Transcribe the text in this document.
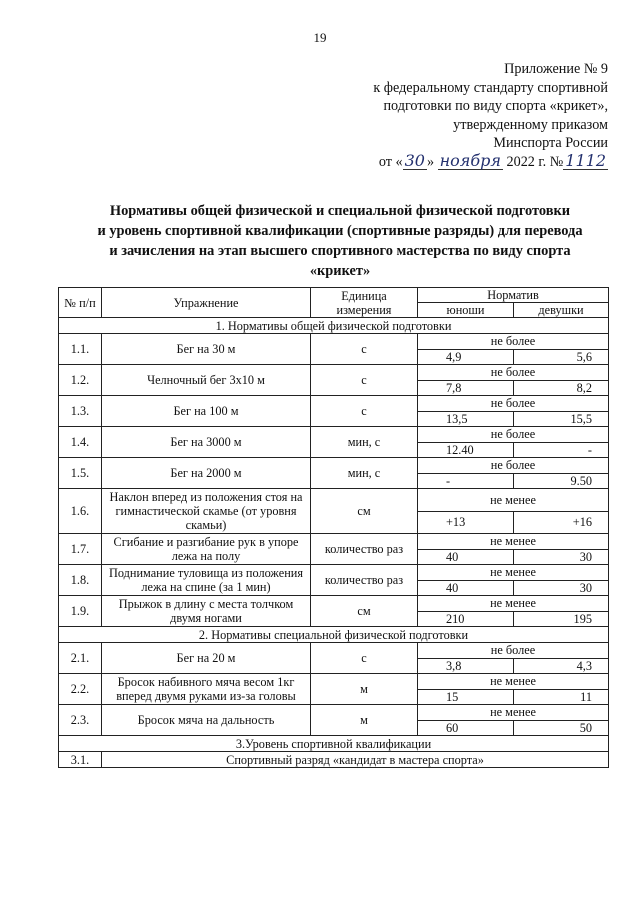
19
Приложение № 9
к федеральному стандарту спортивной
подготовки по виду спорта «крикет»,
утвержденному приказом
Минспорта России
от « 30 » ноября 2022 г. № 1112
Нормативы общей физической и специальной физической подготовки
и уровень спортивной квалификации (спортивные разряды) для перевода
и зачисления на этап высшего спортивного мастерства по виду спорта
«крикет»
№ п/п	Упражнение	Единица измерения	Норматив	
			юноши	девушки
1. Нормативы общей физической подготовки				
1.1.	Бег на 30 м	с	не более	
			4,9	5,6
1.2.	Челночный бег 3x10 м	с	не более	
			7,8	8,2
1.3.	Бег на 100 м	с	не более	
			13,5	15,5
1.4.	Бег на 3000 м	мин, с	не более	
			12.40	-
1.5.	Бег на 2000 м	мин, с	не более	
			-	9.50
1.6.	Наклон вперед из положения стоя на гимнастической скамье (от уровня скамьи)	см	не менее	
			+13	+16
1.7.	Сгибание и разгибание рук в упоре лежа на полу	количество раз	не менее	
			40	30
1.8.	Поднимание туловища из положения лежа на спине (за 1 мин)	количество раз	не менее	
			40	30
1.9.	Прыжок в длину с места толчком двумя ногами	см	не менее	
			210	195
2. Нормативы специальной физической подготовки				
2.1.	Бег на 20 м	с	не более	
			3,8	4,3
2.2.	Бросок набивного мяча весом 1кг вперед двумя руками из-за головы	м	не менее	
			15	11
2.3.	Бросок мяча на дальность	м	не менее	
			60	50
3.Уровень спортивной квалификации				
3.1.	Спортивный разряд «кандидат в мастера спорта»			
